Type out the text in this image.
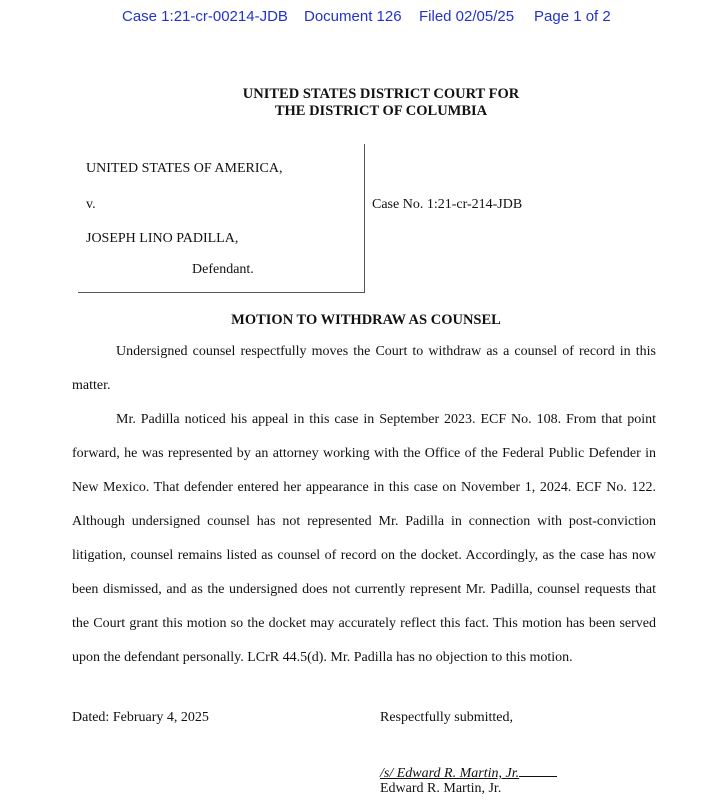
Case 1:21-cr-00214-JDB Document 126 Filed 02/05/25 Page 1 of 2
UNITED STATES DISTRICT COURT FOR
THE DISTRICT OF COLUMBIA
UNITED STATES OF AMERICA,
v.
JOSEPH LINO PADILLA,
Defendant.
Case No. 1:21-cr-214-JDB
MOTION TO WITHDRAW AS COUNSEL

Undersigned counsel respectfully moves the Court to withdraw as a counsel of record in this matter.

Mr. Padilla noticed his appeal in this case in September 2023. ECF No. 108. From that point forward, he was represented by an attorney working with the Office of the Federal Public Defender in New Mexico. That defender entered her appearance in this case on November 1, 2024. ECF No. 122. Although undersigned counsel has not represented Mr. Padilla in connection with post-conviction litigation, counsel remains listed as counsel of record on the docket. Accordingly, as the case has now been dismissed, and as the undersigned does not currently represent Mr. Padilla, counsel requests that the Court grant this motion so the docket may accurately reflect this fact. This motion has been served upon the defendant personally. LCrR 44.5(d). Mr. Padilla has no objection to this motion.

Dated: February 4, 2025	Respectfully submitted,
/s/ Edward R. Martin, Jr.
Edward R. Martin, Jr.
